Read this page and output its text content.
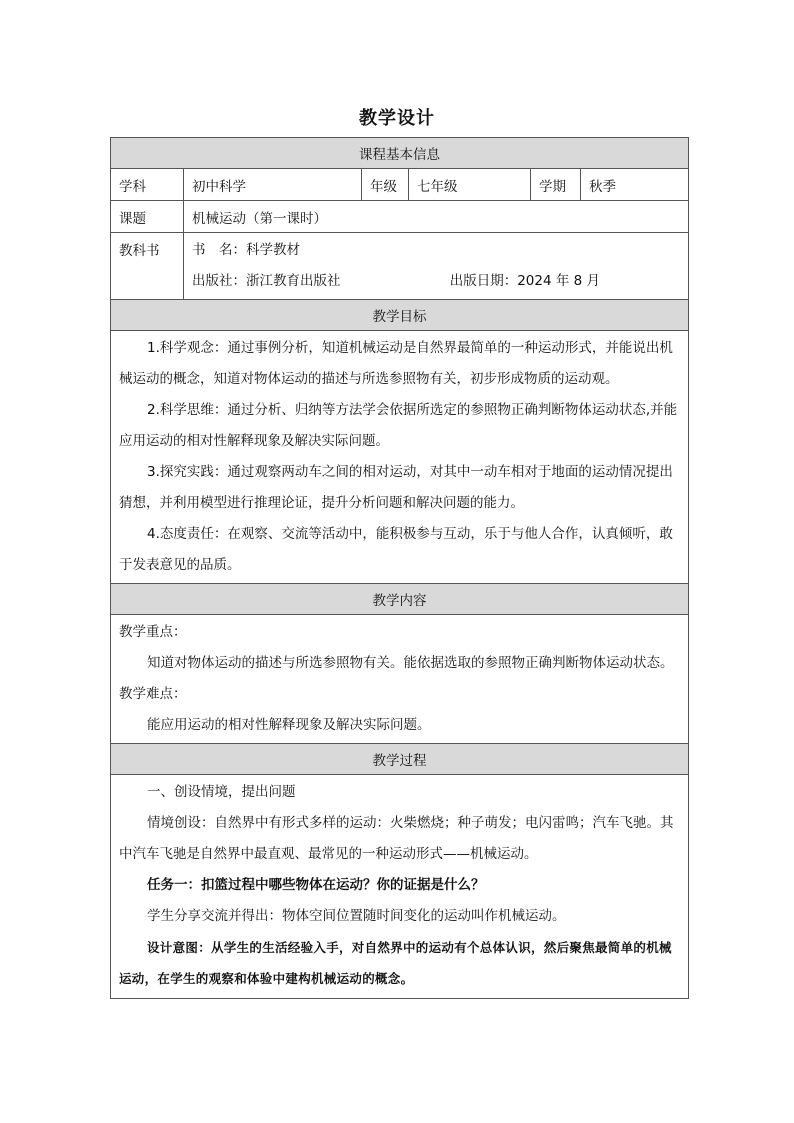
教学设计
课程基本信息					
学科	初中科学	年级	七年级	学期	秋季
课题	机械运动（第一课时）				
教科书	书　名：科学教材

出版社：浙江教育出版社 出版日期：2024 年 8 月				

教学目标					

1.科学观念：通过事例分析，知道机械运动是自然界最简单的一种运动形式，并能说出机械运动的概念，知道对物体运动的描述与所选参照物有关，初步形成物质的运动观。

2.科学思维：通过分析、归纳等方法学会依据所选定的参照物正确判断物体运动状态,并能应用运动的相对性解释现象及解决实际问题。

3.探究实践：通过观察两动车之间的相对运动，对其中一动车相对于地面的运动情况提出猜想，并利用模型进行推理论证，提升分析问题和解决问题的能力。

4.态度责任：在观察、交流等活动中，能积极参与互动，乐于与他人合作，认真倾听，敢于发表意见的品质。					

教学内容					

教学重点：

知道对物体运动的描述与所选参照物有关。能依据选取的参照物正确判断物体运动状态。

教学难点：

能应用运动的相对性解释现象及解决实际问题。					

教学过程					

一、创设情境，提出问题

情境创设：自然界中有形式多样的运动：火柴燃烧；种子萌发；电闪雷鸣；汽车飞驰。其中汽车飞驰是自然界中最直观、最常见的一种运动形式——机械运动。

任务一：扣篮过程中哪些物体在运动？你的证据是什么？

学生分享交流并得出：物体空间位置随时间变化的运动叫作机械运动。

设计意图：从学生的生活经验入手，对自然界中的运动有个总体认识，然后聚焦最简单的机械运动，在学生的观察和体验中建构机械运动的概念。					
